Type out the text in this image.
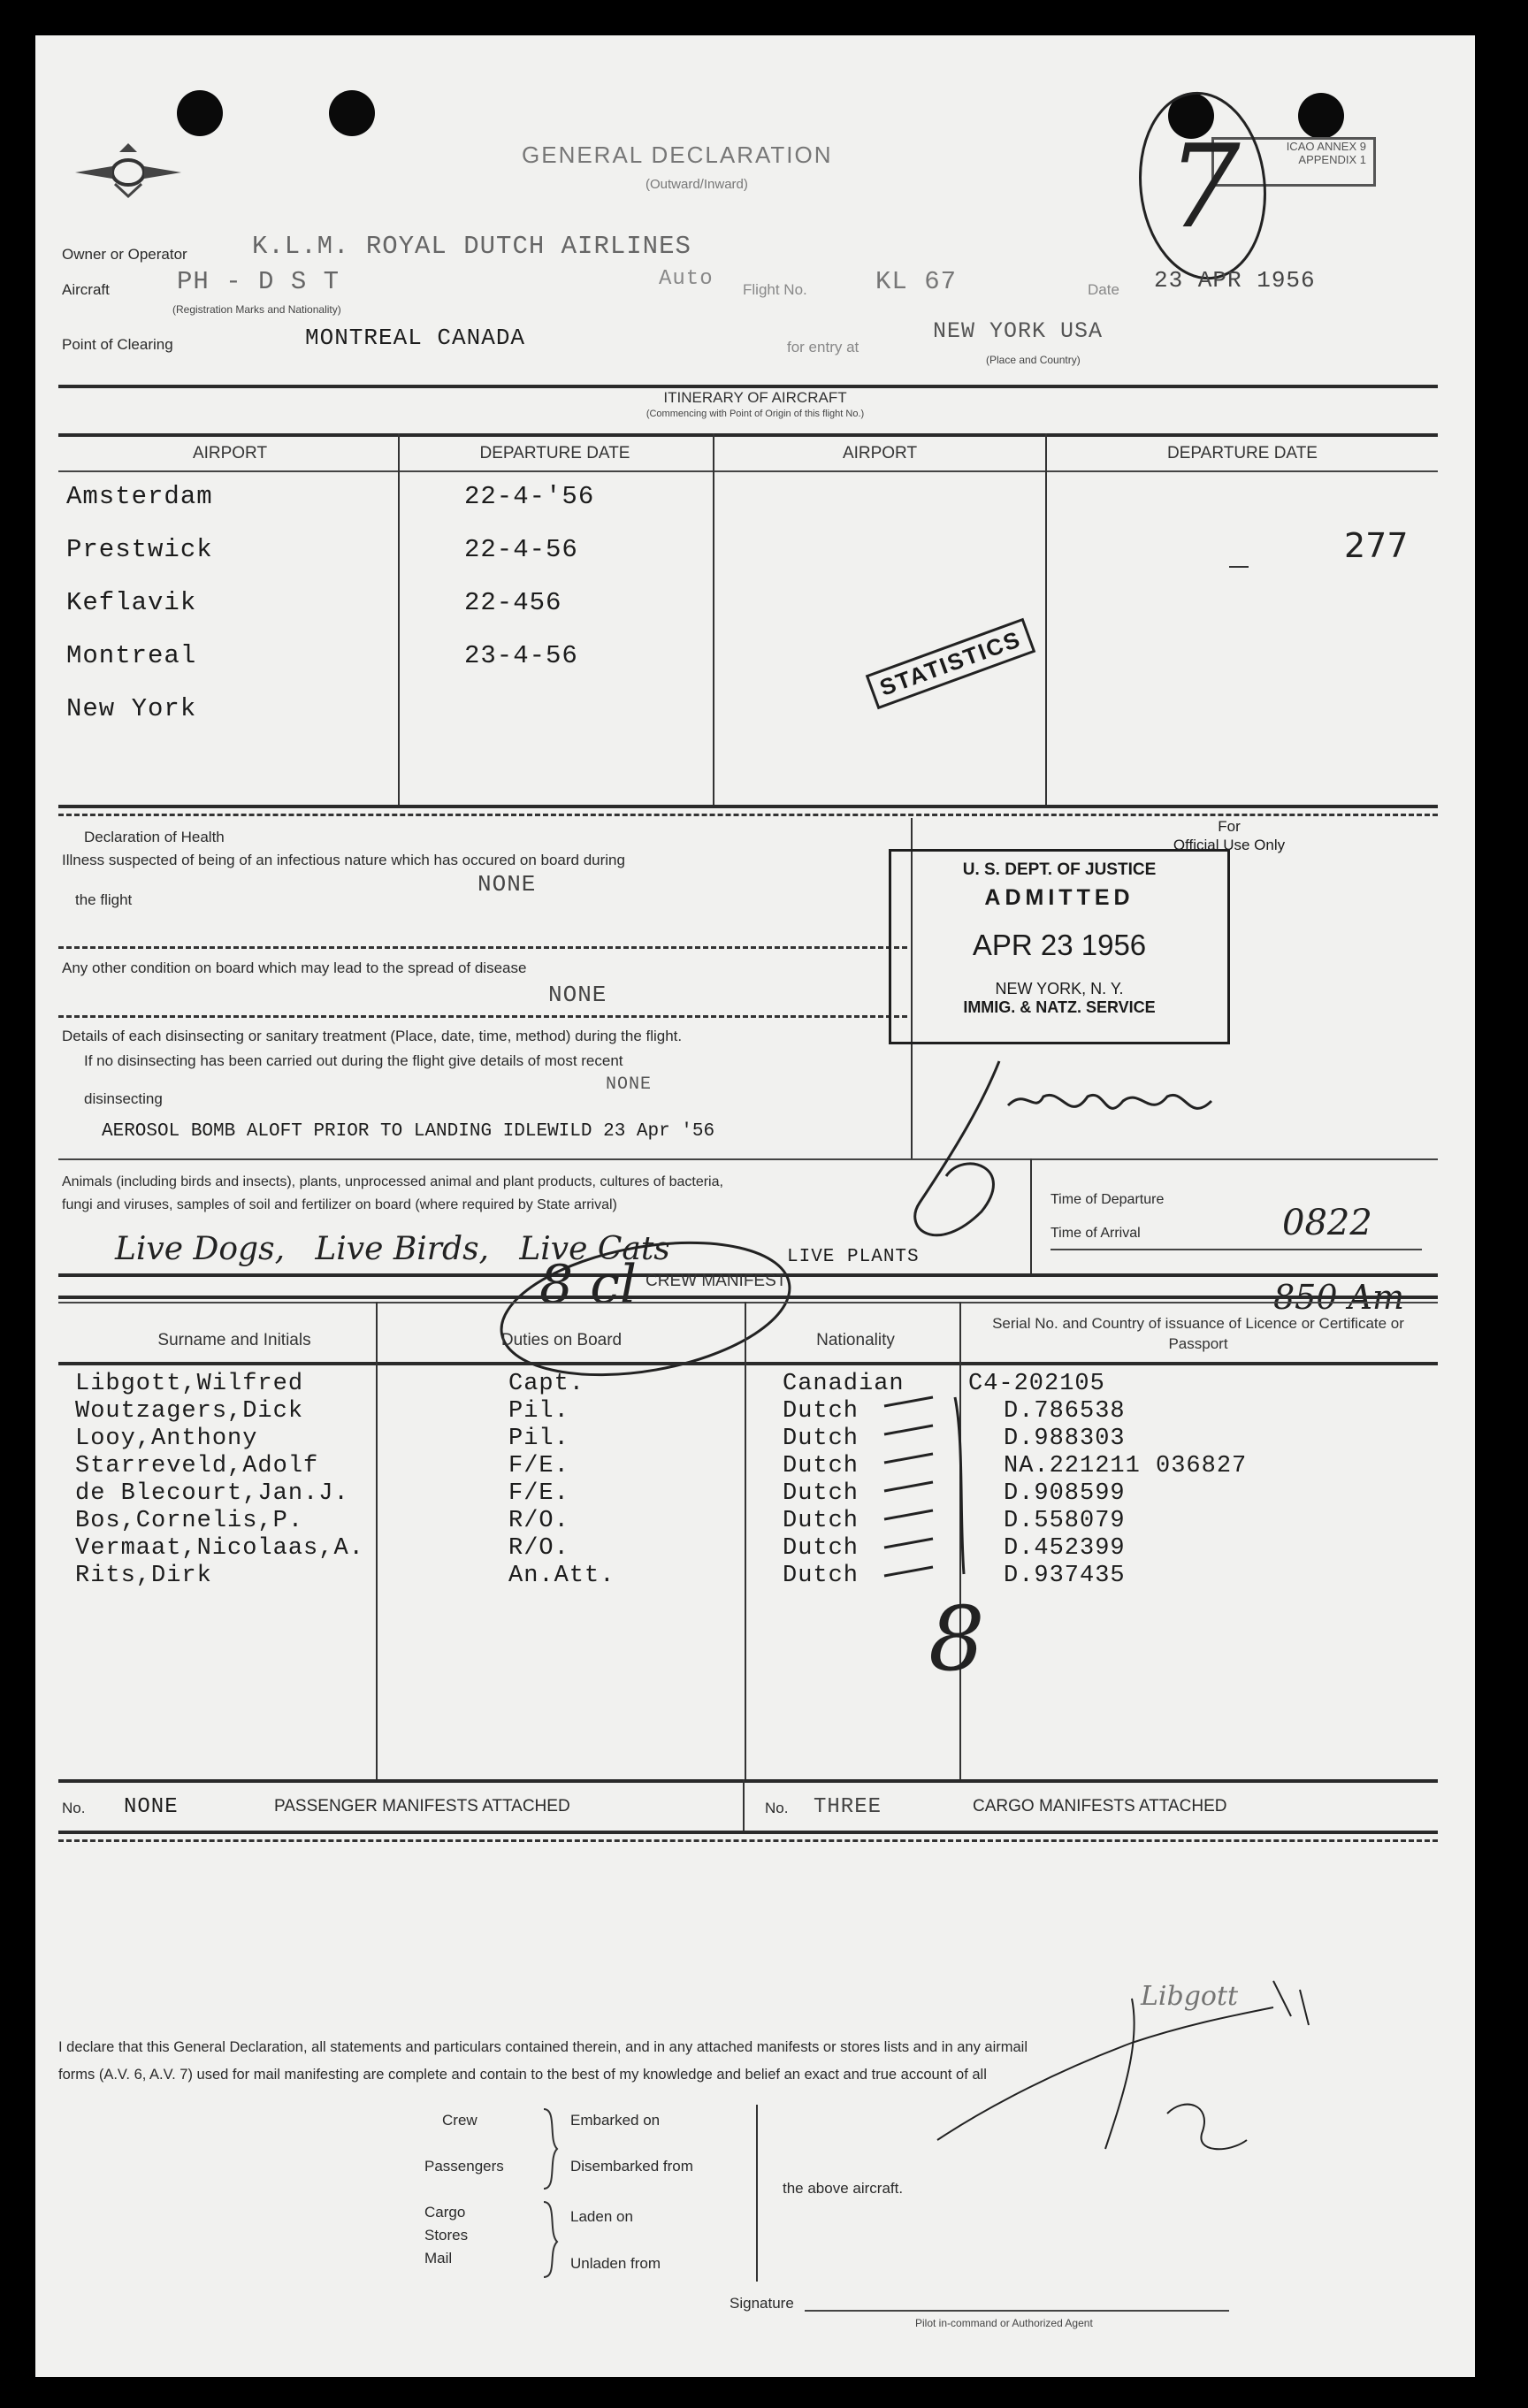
GENERAL DECLARATION
(Outward/Inward)
ICAO ANNEX 9
APPENDIX 1
7
Owner or Operator	K.L.M. ROYAL DUTCH AIRLINES
Aircraft	PH - D S T	Auto
(Registration Marks and Nationality)
Flight No.	KL 67	Date 23 APR 1956
Point of Clearing	MONTREAL CANADA	for entry at
NEW YORK USA
(Place and Country)
ITINERARY OF AIRCRAFT
(Commencing with Point of Origin of this flight No.)
AIRPORT	DEPARTURE DATE	AIRPORT	DEPARTURE DATE
Amsterdam	22-4-'56
Prestwick	22-4-56
Keflavik	22-456
Montreal	23-4-56
New York
277
STATISTICS
Declaration of Health
Illness suspected of being of an infectious nature which has occured on board during
the flight
NONE
Any other condition on board which may lead to the spread of disease
NONE
Details of each disinsecting or sanitary treatment (Place, date, time, method) during the flight.
If no disinsecting has been carried out during the flight give details of most recent
disinsecting
NONE
AEROSOL BOMB ALOFT PRIOR TO LANDING IDLEWILD 23 Apr '56
Animals (including birds and insects), plants, unprocessed animal and plant products, cultures of bacteria,
fungi and viruses, samples of soil and fertilizer on board (where required by State arrival)
Live Dogs,   Live Birds,   Live Cats	LIVE PLANTS
For
Official Use Only
U. S. DEPT. OF JUSTICE
ADMITTED
APR 23 1956
NEW YORK, N. Y.
IMMIG. & NATZ. SERVICE
Time of Departure
Time of Arrival	0822
850 Am
8 cl CREW MANIFEST
Surname and Initials	Duties on Board	Nationality
Serial No. and Country of issuance of Licence or Certificate or Passport
Libgott,Wilfred	Capt.	Canadian	C4-202105
Woutzagers,Dick	Pil.	Dutch	D.786538
Looy,Anthony	Pil.	Dutch	D.988303
Starreveld,Adolf	F/E.	Dutch	NA.221211 036827
de Blecourt,Jan.J.	F/E.	Dutch	D.908599
Bos,Cornelis,P.	R/O.	Dutch	D.558079
Vermaat,Nicolaas,A.	R/O.	Dutch	D.452399
Rits,Dirk	An.Att.	Dutch	D.937435
8
No. NONE	PASSENGER MANIFESTS ATTACHED	No. THREE	CARGO MANIFESTS ATTACHED
I declare that this General Declaration, all statements and particulars contained therein, and in any attached manifests or stores lists and in any airmail
forms (A.V. 6, A.V. 7) used for mail manifesting are complete and contain to the best of my knowledge and belief an exact and true account of all
Crew
Passengers
Cargo
Stores
Mail
Embarked on
Disembarked from
Laden on
Unladen from
the above aircraft.
Libgott
Signature
Pilot in-command or Authorized Agent
